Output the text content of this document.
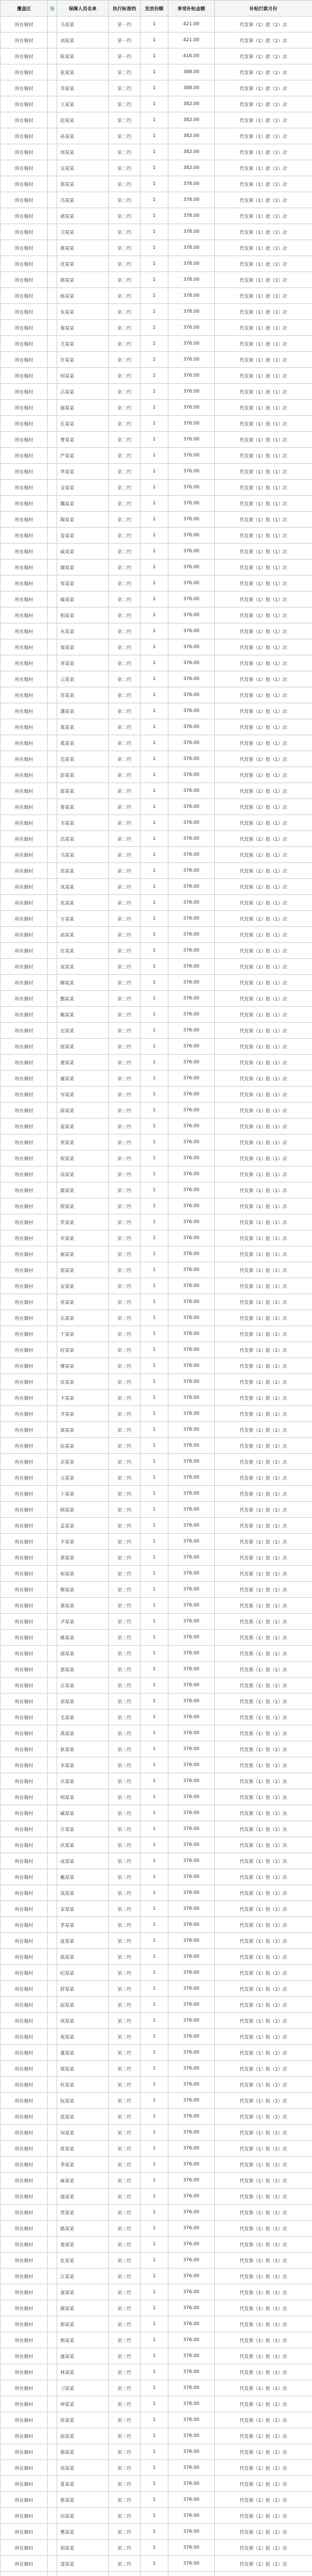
覆盖区	分	保障人员名单	执行标准档	发放份额	享受补贴金额	补贴打款月份
所在镇村		马某某	第一档	1	421.00	代发第（1）批（1）次
所在镇村		刘某某	第一档	1	421.00	代发第（1）批（1）次
所在镇村		陈某某	第一档	1	416.00	代发第（1）批（1）次
所在镇村		张某某	第二档	1	388.00	代发第（1）批（1）次
所在镇村		李某某	第二档	1	388.00	代发第（1）批（1）次
所在镇村		王某某	第二档	1	382.00	代发第（1）批（1）次
所在镇村		赵某某	第二档	1	382.00	代发第（1）批（1）次
所在镇村		孙某某	第二档	1	382.00	代发第（1）批（1）次
所在镇村		周某某	第二档	1	382.00	代发第（1）批（1）次
所在镇村		吴某某	第二档	1	382.00	代发第（1）批（1）次
所在镇村		郑某某	第二档	1	378.00	代发第（1）批（1）次
所在镇村		冯某某	第二档	1	378.00	代发第（1）批（1）次
所在镇村		褚某某	第二档	1	378.00	代发第（1）批（1）次
所在镇村		卫某某	第二档	1	378.00	代发第（1）批（1）次
所在镇村		蒋某某	第二档	1	378.00	代发第（1）批（1）次
所在镇村		沈某某	第二档	1	378.00	代发第（1）批（1）次
所在镇村		韩某某	第二档	1	378.00	代发第（1）批（1）次
所在镇村		杨某某	第二档	1	378.00	代发第（1）批（1）次
所在镇村		朱某某	第二档	1	378.00	代发第（1）批（1）次
所在镇村		秦某某	第二档	1	376.00	代发第（1）批（1）次
所在镇村		尤某某	第二档	1	376.00	代发第（1）批（1）次
所在镇村		许某某	第二档	1	376.00	代发第（1）批（1）次
所在镇村		何某某	第二档	1	376.00	代发第（1）批（1）次
所在镇村		吕某某	第二档	1	376.00	代发第（1）批（1）次
所在镇村		施某某	第二档	1	376.00	代发第（1）批（1）次
所在镇村		孔某某	第二档	1	376.00	代发第（1）批（1）次
所在镇村		曹某某	第二档	1	376.00	代发第（1）批（1）次
所在镇村		严某某	第二档	1	376.00	代发第（1）批（1）次
所在镇村		华某某	第二档	1	376.00	代发第（1）批（1）次
所在镇村		金某某	第二档	1	376.00	代发第（1）批（1）次
所在镇村		魏某某	第二档	1	376.00	代发第（1）批（1）次
所在镇村		陶某某	第二档	1	376.00	代发第（1）批（1）次
所在镇村		姜某某	第二档	1	376.00	代发第（1）批（1）次
所在镇村		戚某某	第二档	1	376.00	代发第（1）批（1）次
所在镇村		谢某某	第二档	1	376.00	代发第（1）批（1）次
所在镇村		邹某某	第二档	1	376.00	代发第（1）批（1）次
所在镇村		喻某某	第二档	1	376.00	代发第（1）批（1）次
所在镇村		柏某某	第二档	1	376.00	代发第（1）批（1）次
所在镇村		水某某	第二档	1	376.00	代发第（1）批（1）次
所在镇村		窦某某	第二档	1	376.00	代发第（1）批（1）次
所在镇村		章某某	第二档	1	376.00	代发第（1）批（1）次
所在镇村		云某某	第二档	1	376.00	代发第（1）批（1）次
所在镇村		苏某某	第二档	1	376.00	代发第（1）批（1）次
所在镇村		潘某某	第二档	1	376.00	代发第（1）批（1）次
所在镇村		葛某某	第二档	1	376.00	代发第（1）批（1）次
所在镇村		奚某某	第二档	1	376.00	代发第（1）批（1）次
所在镇村		范某某	第二档	1	376.00	代发第（1）批（1）次
所在镇村		彭某某	第二档	1	376.00	代发第（1）批（1）次
所在镇村		郎某某	第二档	1	376.00	代发第（1）批（1）次
所在镇村		鲁某某	第二档	1	376.00	代发第（1）批（1）次
所在镇村		韦某某	第二档	1	376.00	代发第（1）批（1）次
所在镇村		昌某某	第二档	1	376.00	代发第（1）批（1）次
所在镇村		马某某	第二档	1	376.00	代发第（1）批（1）次
所在镇村		苗某某	第二档	1	376.00	代发第（1）批（1）次
所在镇村		凤某某	第二档	1	376.00	代发第（1）批（1）次
所在镇村		花某某	第二档	1	376.00	代发第（1）批（1）次
所在镇村		方某某	第二档	1	376.00	代发第（1）批（1）次
所在镇村		俞某某	第二档	1	376.00	代发第（1）批（1）次
所在镇村		任某某	第二档	1	376.00	代发第（1）批（1）次
所在镇村		袁某某	第二档	1	376.00	代发第（1）批（1）次
所在镇村		柳某某	第二档	1	376.00	代发第（1）批（1）次
所在镇村		酆某某	第二档	1	376.00	代发第（1）批（1）次
所在镇村		鲍某某	第二档	1	376.00	代发第（1）批（1）次
所在镇村		史某某	第二档	1	376.00	代发第（1）批（1）次
所在镇村		唐某某	第二档	1	376.00	代发第（1）批（1）次
所在镇村		费某某	第二档	1	376.00	代发第（1）批（1）次
所在镇村		廉某某	第二档	1	376.00	代发第（1）批（1）次
所在镇村		岑某某	第二档	1	376.00	代发第（1）批（1）次
所在镇村		薛某某	第二档	1	376.00	代发第（1）批（1）次
所在镇村		雷某某	第二档	1	376.00	代发第（1）批（1）次
所在镇村		贺某某	第二档	1	376.00	代发第（1）批（1）次
所在镇村		倪某某	第二档	1	376.00	代发第（1）批（1）次
所在镇村		汤某某	第二档	1	376.00	代发第（1）批（1）次
所在镇村		滕某某	第二档	1	376.00	代发第（1）批（1）次
所在镇村		殷某某	第二档	1	376.00	代发第（1）批（1）次
所在镇村		罗某某	第二档	1	376.00	代发第（1）批（1）次
所在镇村		毕某某	第二档	1	376.00	代发第（1）批（1）次
所在镇村		郝某某	第二档	1	376.00	代发第（1）批（1）次
所在镇村		邬某某	第二档	1	376.00	代发第（1）批（1）次
所在镇村		安某某	第二档	1	376.00	代发第（1）批（1）次
所在镇村		常某某	第二档	1	376.00	代发第（1）批（1）次
所在镇村		乐某某	第二档	1	376.00	代发第（1）批（1）次
所在镇村		于某某	第二档	1	376.00	代发第（1）批（1）次
所在镇村		时某某	第二档	1	376.00	代发第（1）批（1）次
所在镇村		傅某某	第二档	1	376.00	代发第（1）批（1）次
所在镇村		皮某某	第二档	1	376.00	代发第（1）批（1）次
所在镇村		卞某某	第二档	1	376.00	代发第（1）批（1）次
所在镇村		齐某某	第二档	1	376.00	代发第（1）批（1）次
所在镇村		康某某	第二档	1	376.00	代发第（1）批（1）次
所在镇村		伍某某	第二档	1	376.00	代发第（1）批（1）次
所在镇村		余某某	第二档	1	376.00	代发第（1）批（1）次
所在镇村		元某某	第二档	1	376.00	代发第（1）批（1）次
所在镇村		卜某某	第二档	1	376.00	代发第（1）批（1）次
所在镇村		顾某某	第二档	1	376.00	代发第（1）批（1）次
所在镇村		孟某某	第二档	1	376.00	代发第（1）批（1）次
所在镇村		平某某	第二档	1	376.00	代发第（1）批（1）次
所在镇村		黄某某	第二档	1	376.00	代发第（1）批（1）次
所在镇村		和某某	第二档	1	376.00	代发第（1）批（1）次
所在镇村		穆某某	第二档	1	376.00	代发第（1）批（1）次
所在镇村		萧某某	第二档	1	376.00	代发第（1）批（1）次
所在镇村		尹某某	第二档	1	376.00	代发第（1）批（1）次
所在镇村		姚某某	第二档	1	376.00	代发第（1）批（1）次
所在镇村		邵某某	第二档	1	376.00	代发第（1）批（1）次
所在镇村		湛某某	第二档	1	376.00	代发第（1）批（1）次
所在镇村		汪某某	第二档	1	376.00	代发第（1）批（1）次
所在镇村		祁某某	第二档	1	376.00	代发第（1）批（1）次
所在镇村		毛某某	第二档	1	376.00	代发第（1）批（1）次
所在镇村		禹某某	第二档	1	376.00	代发第（1）批（1）次
所在镇村		狄某某	第二档	1	376.00	代发第（1）批（1）次
所在镇村		米某某	第二档	1	376.00	代发第（1）批（1）次
所在镇村		贝某某	第二档	1	376.00	代发第（1）批（1）次
所在镇村		明某某	第二档	1	376.00	代发第（1）批（1）次
所在镇村		臧某某	第二档	1	376.00	代发第（1）批（1）次
所在镇村		计某某	第二档	1	376.00	代发第（1）批（1）次
所在镇村		伏某某	第二档	1	376.00	代发第（1）批（1）次
所在镇村		成某某	第二档	1	376.00	代发第（1）批（1）次
所在镇村		戴某某	第二档	1	376.00	代发第（1）批（1）次
所在镇村		谈某某	第二档	1	376.00	代发第（1）批（1）次
所在镇村		宋某某	第二档	1	376.00	代发第（1）批（1）次
所在镇村		茅某某	第二档	1	376.00	代发第（1）批（1）次
所在镇村		庞某某	第二档	1	376.00	代发第（1）批（1）次
所在镇村		熊某某	第二档	1	376.00	代发第（1）批（1）次
所在镇村		纪某某	第二档	1	376.00	代发第（1）批（1）次
所在镇村		舒某某	第二档	1	376.00	代发第（1）批（1）次
所在镇村		屈某某	第二档	1	376.00	代发第（1）批（1）次
所在镇村		项某某	第二档	1	376.00	代发第（1）批（1）次
所在镇村		祝某某	第二档	1	376.00	代发第（1）批（1）次
所在镇村		董某某	第二档	1	376.00	代发第（1）批（1）次
所在镇村		梁某某	第二档	1	376.00	代发第（1）批（1）次
所在镇村		杜某某	第二档	1	376.00	代发第（1）批（1）次
所在镇村		阮某某	第二档	1	376.00	代发第（1）批（1）次
所在镇村		蓝某某	第二档	1	376.00	代发第（1）批（1）次
所在镇村		闵某某	第二档	1	376.00	代发第（1）批（1）次
所在镇村		席某某	第二档	1	376.00	代发第（1）批（1）次
所在镇村		季某某	第二档	1	376.00	代发第（1）批（1）次
所在镇村		麻某某	第二档	1	376.00	代发第（1）批（1）次
所在镇村		强某某	第二档	1	376.00	代发第（1）批（1）次
所在镇村		贾某某	第二档	1	376.00	代发第（1）批（1）次
所在镇村		路某某	第二档	1	376.00	代发第（1）批（1）次
所在镇村		娄某某	第二档	1	376.00	代发第（1）批（1）次
所在镇村		危某某	第二档	1	376.00	代发第（1）批（1）次
所在镇村		江某某	第二档	1	376.00	代发第（1）批（1）次
所在镇村		童某某	第二档	1	376.00	代发第（1）批（1）次
所在镇村		颜某某	第二档	1	376.00	代发第（1）批（1）次
所在镇村		郭某某	第二档	1	376.00	代发第（1）批（1）次
所在镇村		梅某某	第二档	1	376.00	代发第（1）批（1）次
所在镇村		盛某某	第二档	1	376.00	代发第（1）批（1）次
所在镇村		林某某	第二档	1	376.00	代发第（1）批（1）次
所在镇村		刁某某	第二档	1	376.00	代发第（1）批（1）次
所在镇村		钟某某	第二档	1	376.00	代发第（1）批（1）次
所在镇村		徐某某	第二档	1	376.00	代发第（1）批（1）次
所在镇村		邱某某	第二档	1	376.00	代发第（1）批（1）次
所在镇村		骆某某	第二档	1	376.00	代发第（1）批（1）次
所在镇村		高某某	第二档	1	376.00	代发第（1）批（1）次
所在镇村		夏某某	第二档	1	376.00	代发第（1）批（1）次
所在镇村		蔡某某	第二档	1	376.00	代发第（1）批（1）次
所在镇村		田某某	第二档	1	376.00	代发第（1）批（1）次
所在镇村		樊某某	第二档	1	376.00	代发第（1）批（1）次
所在镇村		胡某某	第二档	1	376.00	代发第（1）批（1）次
所在镇村		凌某某	第二档	1	376.00	代发第（1）批（1）次
